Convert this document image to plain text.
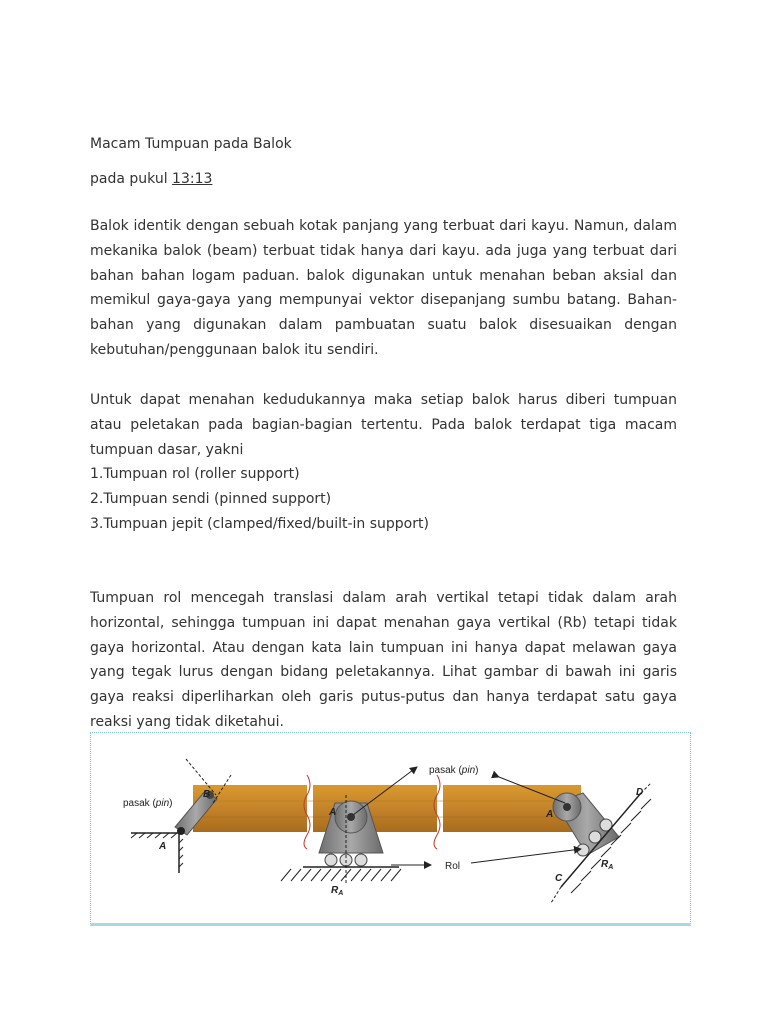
Macam Tumpuan pada Balok
pada pukul 13:13

Balok identik dengan sebuah kotak panjang yang terbuat dari kayu. Namun, dalam mekanika balok (beam) terbuat tidak hanya dari kayu. ada juga yang terbuat dari bahan bahan logam paduan. balok digunakan untuk menahan beban aksial dan memikul gaya-gaya yang mempunyai vektor disepanjang sumbu batang. Bahan-bahan yang digunakan dalam pambuatan suatu balok disesuaikan dengan kebutuhan/penggunaan balok itu sendiri.

Untuk dapat menahan kedudukannya maka setiap balok harus diberi tumpuan atau peletakan pada bagian-bagian tertentu. Pada balok terdapat tiga macam tumpuan dasar, yakni
1.Tumpuan rol (roller support)
2.Tumpuan sendi (pinned support)
3.Tumpuan jepit (clamped/fixed/built-in support)

Tumpuan rol mencegah translasi dalam arah vertikal tetapi tidak dalam arah horizontal, sehingga tumpuan ini dapat menahan gaya vertikal (Rb) tetapi tidak gaya horizontal. Atau dengan kata lain tumpuan ini hanya dapat melawan gaya yang tegak lurus dengan bidang peletakannya. Lihat gambar di bawah ini garis gaya reaksi diperliharkan oleh garis putus-putus dan hanya terdapat satu gaya reaksi yang tidak diketahui.

pasak (pin)
B
A
A
$R_A$
A
D
C
$R_A$
pasak (pin)
Rol
